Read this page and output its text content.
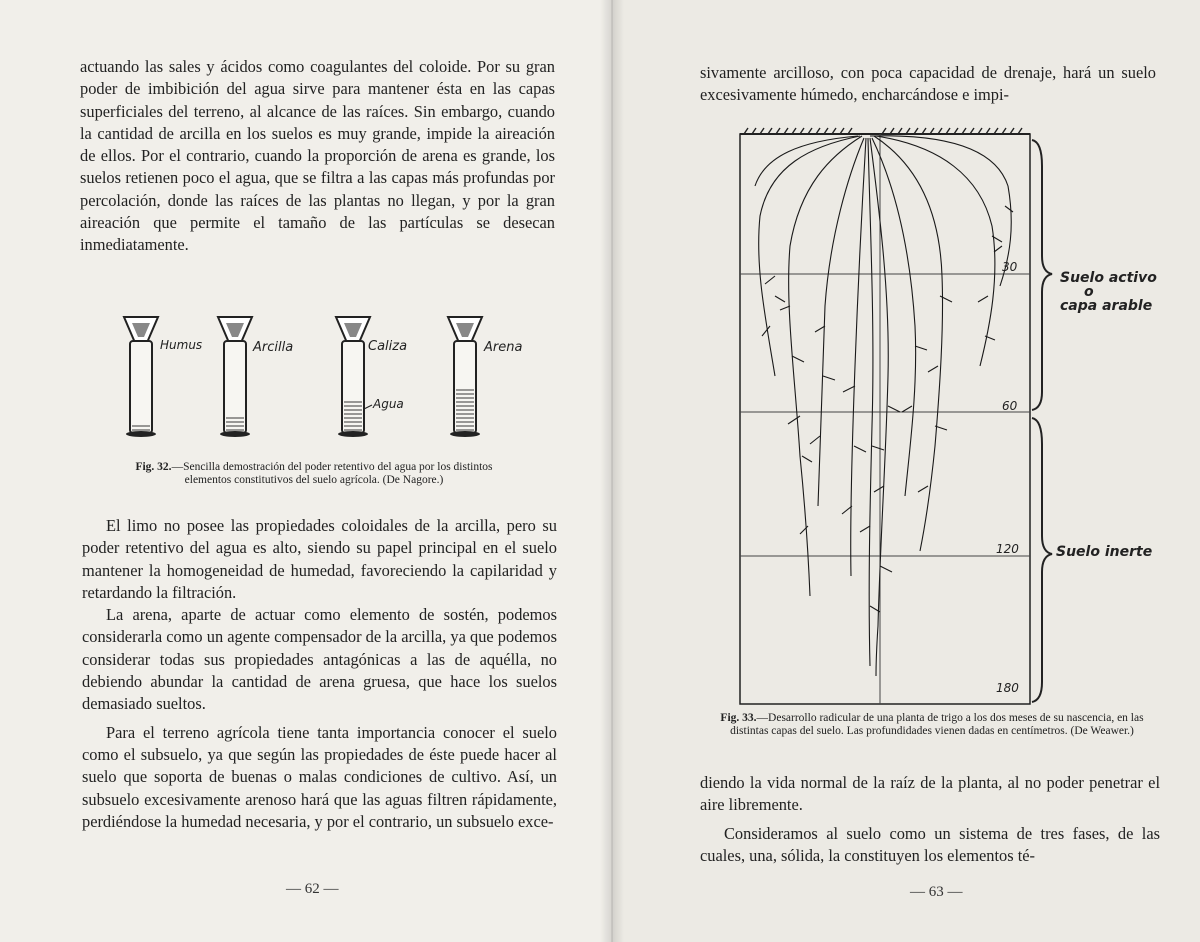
actuando las sales y ácidos como coagulantes del coloide. Por su gran poder de imbibición del agua sirve para mantener ésta en las capas superficiales del terreno, al alcance de las raíces. Sin embargo, cuando la cantidad de arcilla en los suelos es muy grande, impide la aireación de ellos. Por el contrario, cuando la proporción de arena es grande, los suelos retienen poco el agua, que se filtra a las capas más profundas por percolación, donde las raíces de las plantas no llegan, y por la gran aireación que permite el tamaño de las partículas se desecan inmediatamente.

Humus	Arcilla	Caliza
Agua
Arena
Fig. 32.—Sencilla demostración del poder retentivo del agua por los distintos elementos constitutivos del suelo agrícola. (De Nagore.)

El limo no posee las propiedades coloidales de la arcilla, pero su poder retentivo del agua es alto, siendo su papel principal en el suelo mantener la homogeneidad de humedad, favoreciendo la capilaridad y retardando la filtración.

La arena, aparte de actuar como elemento de sostén, podemos considerarla como un agente compensador de la arcilla, ya que podemos considerar todas sus propiedades antagónicas a las de aquélla, no debiendo abundar la cantidad de arena gruesa, que hace los suelos demasiado sueltos.

Para el terreno agrícola tiene tanta importancia conocer el suelo como el subsuelo, ya que según las propiedades de éste puede hacer al suelo que soporta de buenas o malas condiciones de cultivo. Así, un subsuelo excesivamente arenoso hará que las aguas filtren rápidamente, perdiéndose la humedad necesaria, y por el contrario, un subsuelo exce-

— 62 —

sivamente arcilloso, con poca capacidad de drenaje, hará un suelo excesivamente húmedo, encharcándose e impi-

30
60
120
180
Suelo activo
o
capa arable
Suelo inerte
Fig. 33.—Desarrollo radicular de una planta de trigo a los dos meses de su nascencia, en las distintas capas del suelo. Las profundidades vienen dadas en centímetros. (De Weawer.)

diendo la vida normal de la raíz de la planta, al no poder penetrar el aire libremente.

Consideramos al suelo como un sistema de tres fases, de las cuales, una, sólida, la constituyen los elementos té-

— 63 —
